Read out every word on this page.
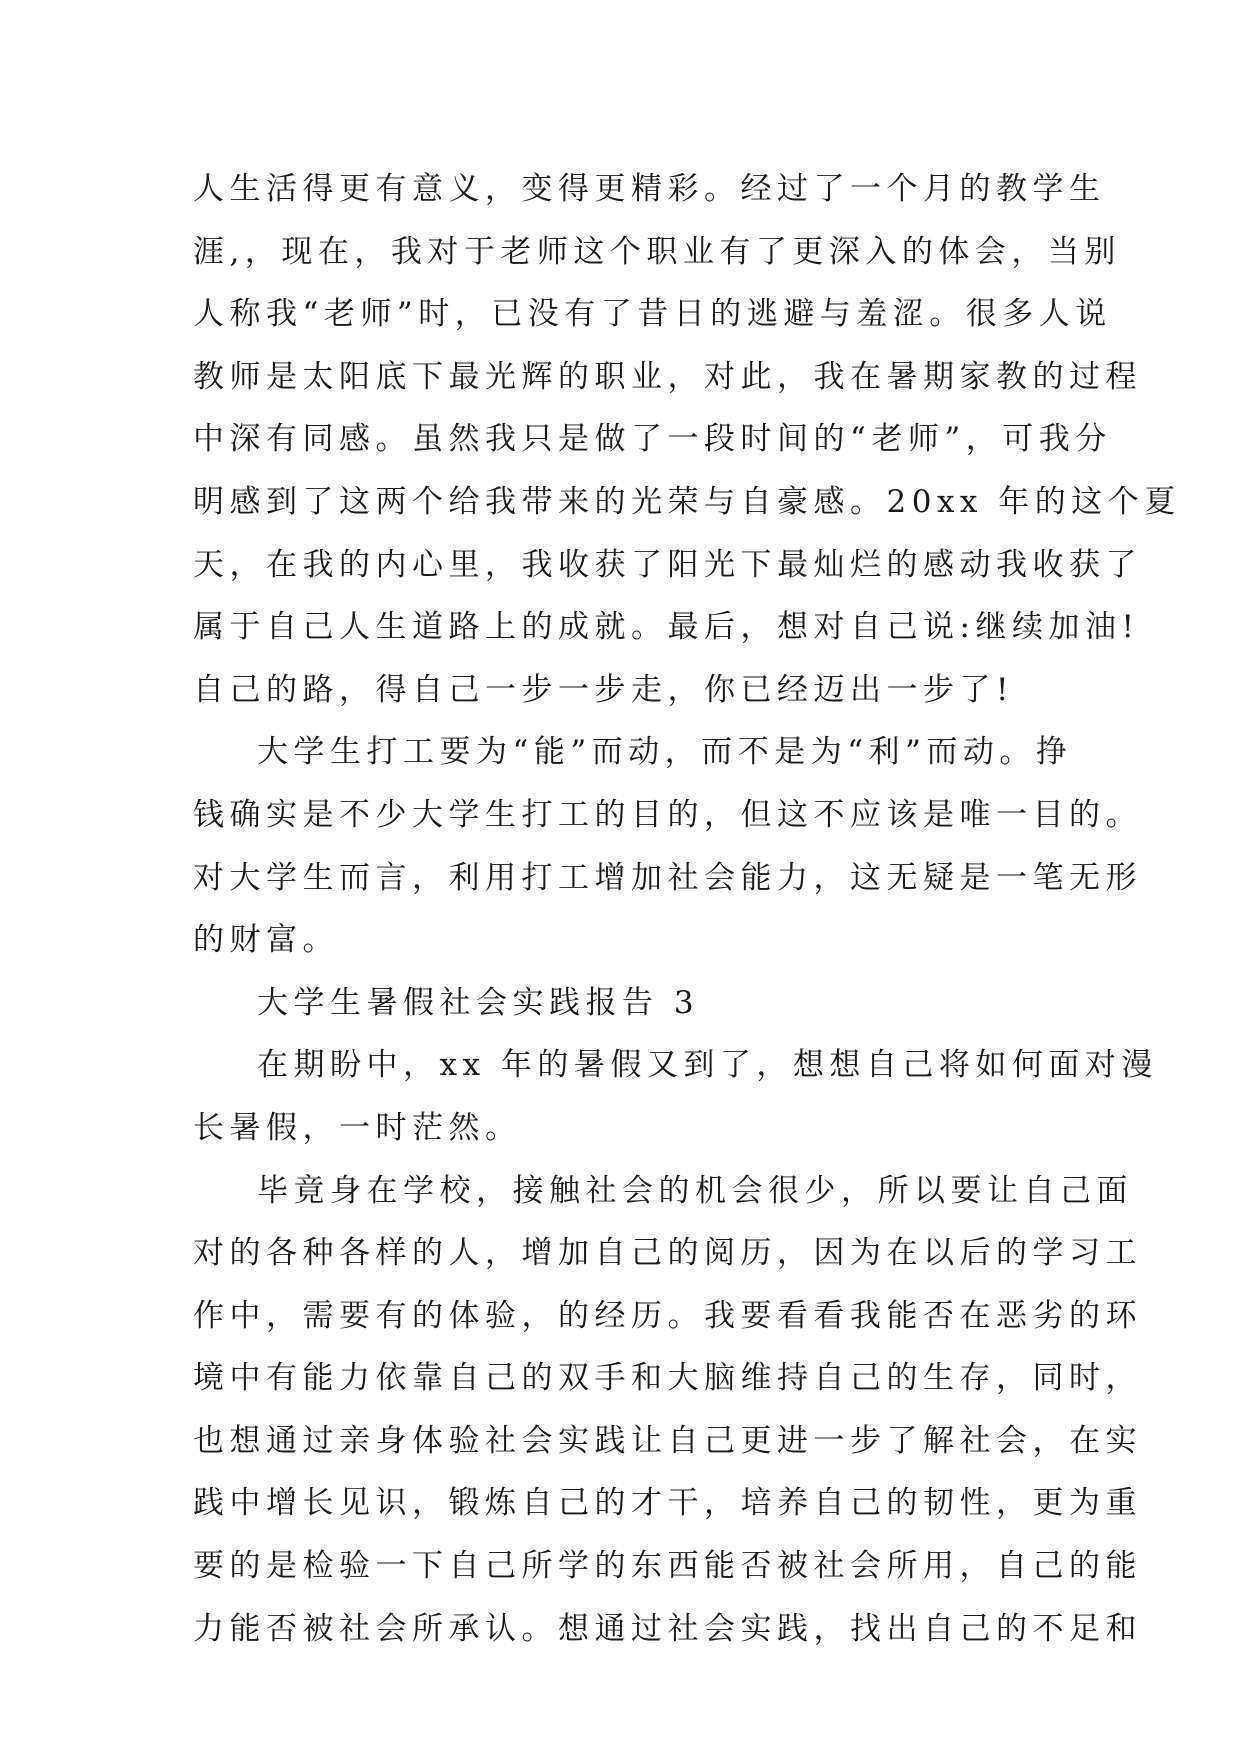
人生活得更有意义，变得更精彩。经过了一个月的教学生
涯,，现在，我对于老师这个职业有了更深入的体会，当别
人称我“老师”时，已没有了昔日的逃避与羞涩。很多人说
教师是太阳底下最光辉的职业，对此，我在暑期家教的过程
中深有同感。虽然我只是做了一段时间的“老师”，可我分
明感到了这两个给我带来的光荣与自豪感。20xx 年的这个夏
天，在我的内心里，我收获了阳光下最灿烂的感动我收获了
属于自己人生道路上的成就。最后，想对自己说:继续加油!
自己的路，得自己一步一步走，你已经迈出一步了!
大学生打工要为“能”而动，而不是为“利”而动。挣
钱确实是不少大学生打工的目的，但这不应该是唯一目的。
对大学生而言，利用打工增加社会能力，这无疑是一笔无形
的财富。
大学生暑假社会实践报告 3
在期盼中，xx 年的暑假又到了，想想自己将如何面对漫
长暑假，一时茫然。
毕竟身在学校，接触社会的机会很少，所以要让自己面
对的各种各样的人，增加自己的阅历，因为在以后的学习工
作中，需要有的体验，的经历。我要看看我能否在恶劣的环
境中有能力依靠自己的双手和大脑维持自己的生存，同时，
也想通过亲身体验社会实践让自己更进一步了解社会，在实
践中增长见识，锻炼自己的才干，培养自己的韧性，更为重
要的是检验一下自己所学的东西能否被社会所用，自己的能
力能否被社会所承认。想通过社会实践，找出自己的不足和
